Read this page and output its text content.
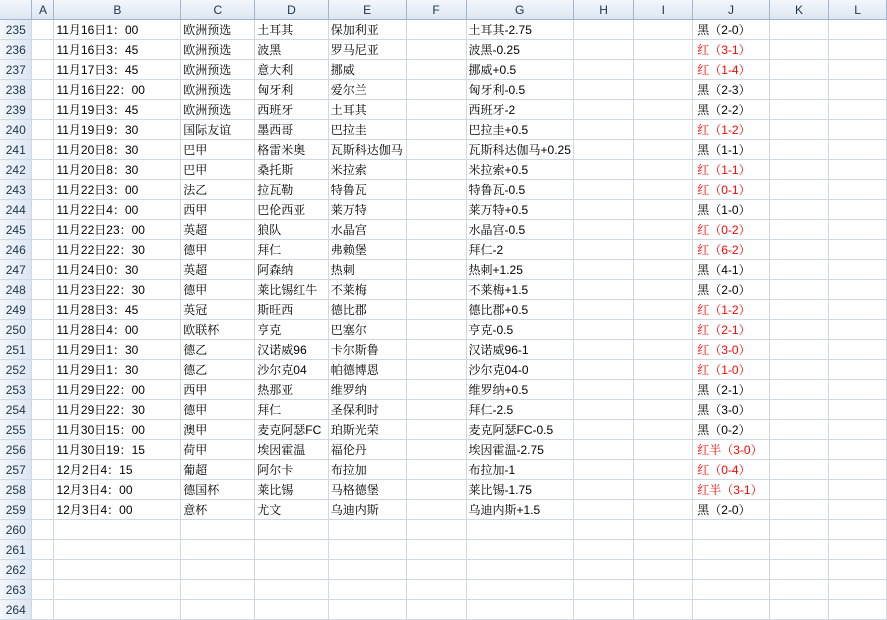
	A	B	C	D	E	F	G	H	I	J	K	L
235		11月16日1：00	欧洲预选	土耳其	保加利亚		土耳其-2.75			黑（2-0）		
236		11月16日3：45	欧洲预选	波黑	罗马尼亚		波黑-0.25			红（3-1）		
237		11月17日3：45	欧洲预选	意大利	挪威		挪威+0.5			红（1-4）		
238		11月16日22：00	欧洲预选	匈牙利	爱尔兰		匈牙利-0.5			黑（2-3）		
239		11月19日3：45	欧洲预选	西班牙	土耳其		西班牙-2			黑（2-2）		
240		11月19日9：30	国际友谊	墨西哥	巴拉圭		巴拉圭+0.5			红（1-2）		
241		11月20日8：30	巴甲	格雷米奥	瓦斯科达伽马		瓦斯科达伽马+0.25			黑（1-1）		
242		11月20日8：30	巴甲	桑托斯	米拉索		米拉索+0.5			红（1-1）		
243		11月22日3：00	法乙	拉瓦勒	特鲁瓦		特鲁瓦-0.5			红（0-1）		
244		11月22日4：00	西甲	巴伦西亚	莱万特		莱万特+0.5			黑（1-0）		
245		11月22日23：00	英超	狼队	水晶宫		水晶宫-0.5			红（0-2）		
246		11月22日22：30	德甲	拜仁	弗赖堡		拜仁-2			红（6-2）		
247		11月24日0：30	英超	阿森纳	热刺		热刺+1.25			黑（4-1）		
248		11月23日22：30	德甲	莱比锡红牛	不莱梅		不莱梅+1.5			黑（2-0）		
249		11月28日3：45	英冠	斯旺西	德比郡		德比郡+0.5			红（1-2）		
250		11月28日4：00	欧联杯	亨克	巴塞尔		亨克-0.5			红（2-1）		
251		11月29日1：30	德乙	汉诺威96	卡尔斯鲁		汉诺威96-1			红（3-0）		
252		11月29日1：30	德乙	沙尔克04	帕德博恩		沙尔克04-0			红（1-0）		
253		11月29日22：00	西甲	热那亚	维罗纳		维罗纳+0.5			黑（2-1）		
254		11月29日22：30	德甲	拜仁	圣保利时		拜仁-2.5			黑（3-0）		
255		11月30日15：00	澳甲	麦克阿瑟FC	珀斯光荣		麦克阿瑟FC-0.5			黑（0-2）		
256		11月30日19：15	荷甲	埃因霍温	福伦丹		埃因霍温-2.75			红半（3-0）		
257		12月2日4：15	葡超	阿尔卡	布拉加		布拉加-1			红（0-4）		
258		12月3日4：00	德国杯	莱比锡	马格德堡		莱比锡-1.75			红半（3-1）		
259		12月3日4：00	意杯	尤文	乌迪内斯		乌迪内斯+1.5			黑（2-0）		
260												
261												
262												
263												
264												
